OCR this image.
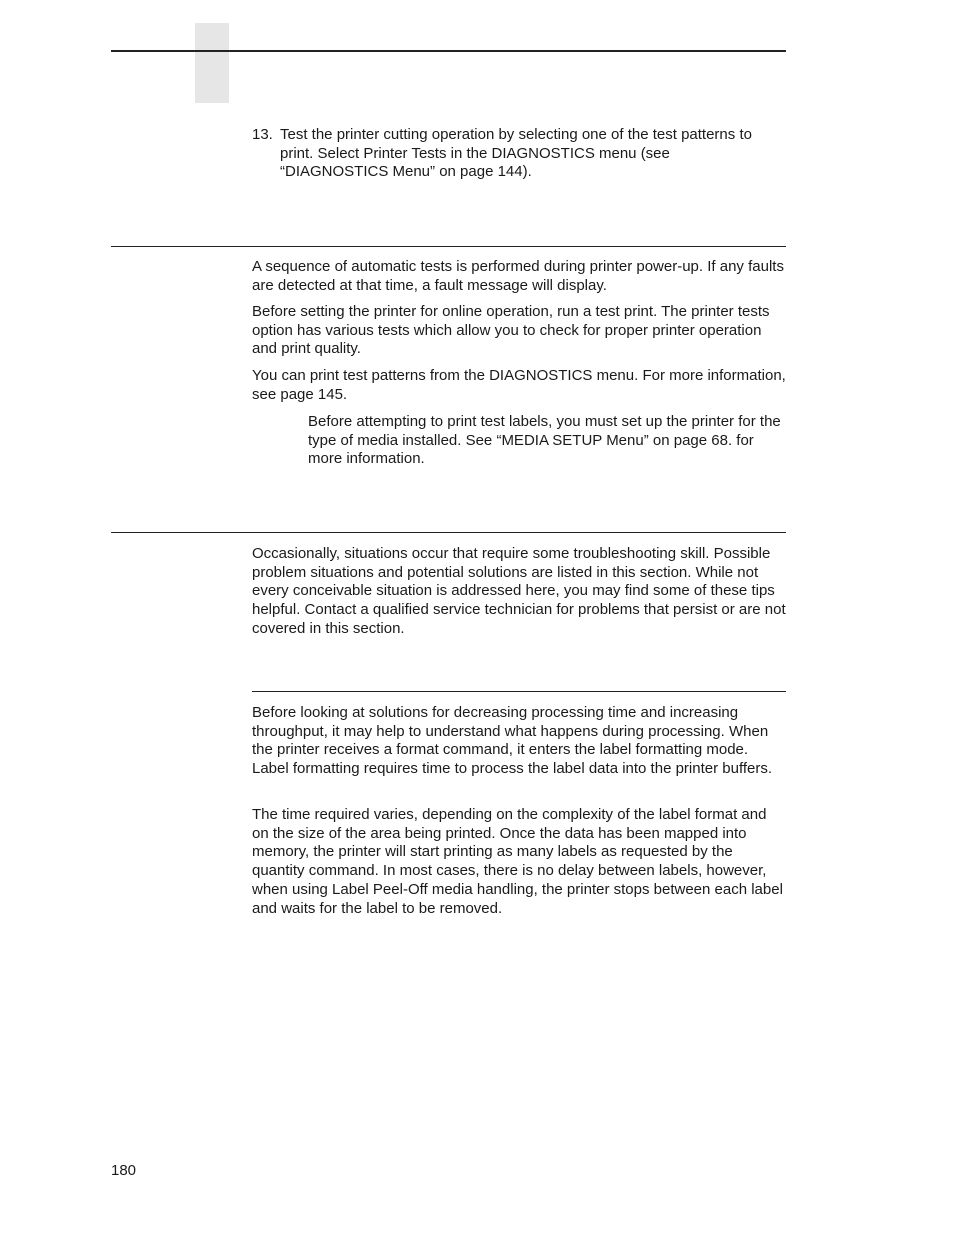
13. Test the printer cutting operation by selecting one of the test patterns to print. Select Printer Tests in the DIAGNOSTICS menu (see “DIAGNOSTICS Menu” on page 144).

A sequence of automatic tests is performed during printer power-up. If any faults are detected at that time, a fault message will display.

Before setting the printer for online operation, run a test print. The printer tests option has various tests which allow you to check for proper printer operation and print quality.

You can print test patterns from the DIAGNOSTICS menu. For more information, see page 145.

Before attempting to print test labels, you must set up the printer for the type of media installed. See “MEDIA SETUP Menu” on page 68. for more information.

Occasionally, situations occur that require some troubleshooting skill. Possible problem situations and potential solutions are listed in this section. While not every conceivable situation is addressed here, you may find some of these tips helpful. Contact a qualified service technician for problems that persist or are not covered in this section.

Before looking at solutions for decreasing processing time and increasing throughput, it may help to understand what happens during processing. When the printer receives a format command, it enters the label formatting mode. Label formatting requires time to process the label data into the printer buffers.

The time required varies, depending on the complexity of the label format and on the size of the area being printed. Once the data has been mapped into memory, the printer will start printing as many labels as requested by the quantity command. In most cases, there is no delay between labels, however, when using Label Peel-Off media handling, the printer stops between each label and waits for the label to be removed.

180
